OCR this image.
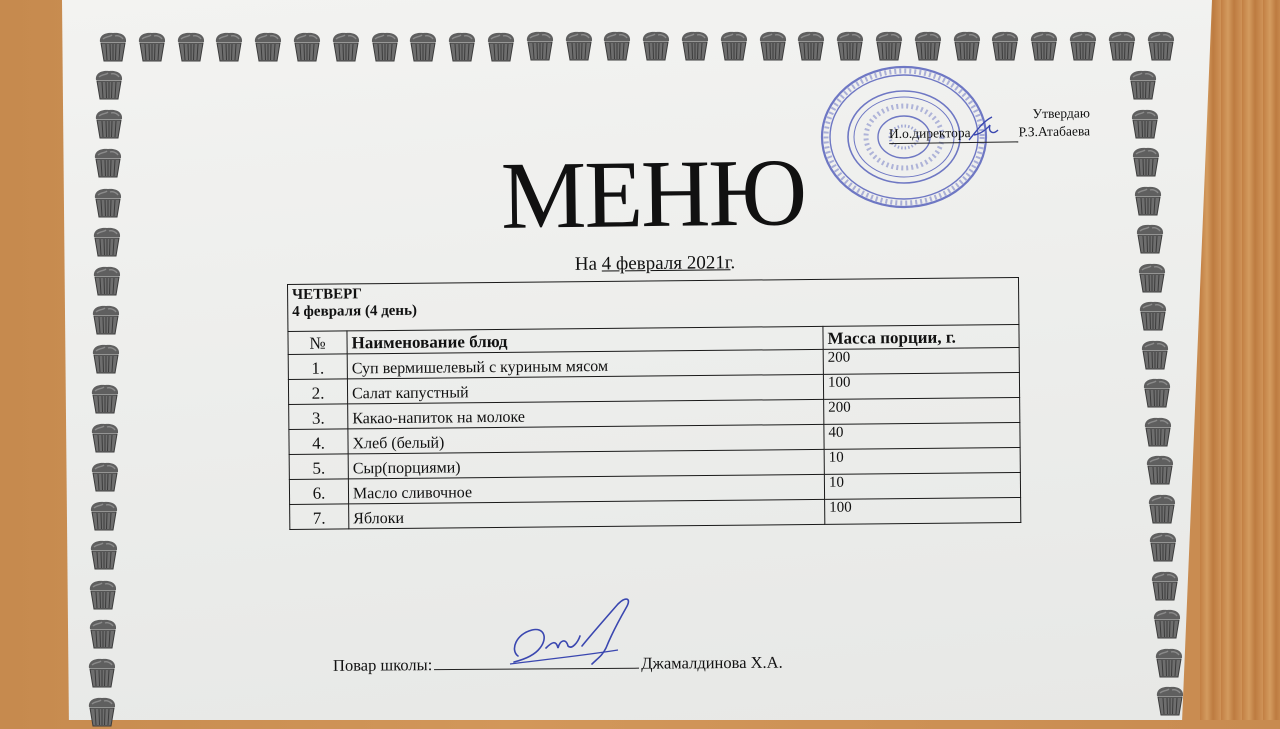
Утвердаю
И.о.директора	Р.З.Атабаева
МЕНЮ
На 4 февраля 2021г.
ЧЕТВЕРГ
4 февраля (4 день)		

№	Наименование блюд	Масса порции, г.
1.	Суп вермишелевый с куриным мясом	200
2.	Салат капустный	100
3.	Какао-напиток на молоке	200
4.	Хлеб (белый)	40
5.	Сыр(порциями)	10
6.	Масло сливочное	10
7.	Яблоки	100
Повар школы:	Джамалдинова Х.А.
